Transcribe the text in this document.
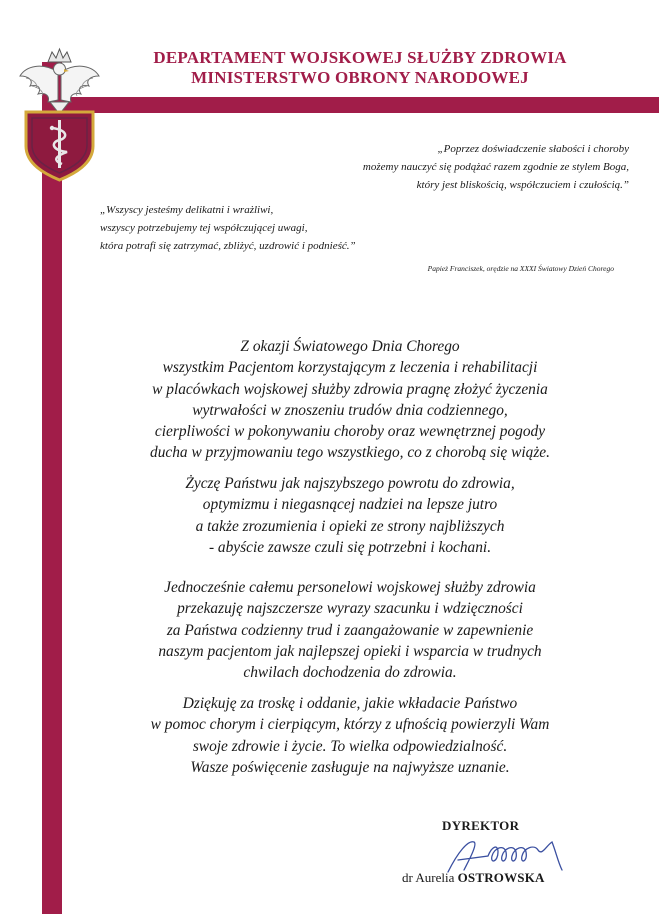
DEPARTAMENT WOJSKOWEJ SŁUŻBY ZDROWIA
MINISTERSTWO OBRONY NARODOWEJ
„Poprzez doświadczenie słabości i choroby
możemy nauczyć się podążać razem zgodnie ze stylem Boga,
który jest bliskością, współczuciem i czułością.”
„Wszyscy jesteśmy delikatni i wrażliwi,
wszyscy potrzebujemy tej współczującej uwagi,
która potrafi się zatrzymać, zbliżyć, uzdrowić i podnieść.”
Papież Franciszek, orędzie na XXXI Światowy Dzień Chorego
Z okazji Światowego Dnia Chorego
wszystkim Pacjentom korzystającym z leczenia i rehabilitacji
w placówkach wojskowej służby zdrowia pragnę złożyć życzenia
wytrwałości w znoszeniu trudów dnia codziennego,
cierpliwości w pokonywaniu choroby oraz wewnętrznej pogody
ducha w przyjmowaniu tego wszystkiego, co z chorobą się wiąże.
Życzę Państwu jak najszybszego powrotu do zdrowia,
optymizmu i niegasnącej nadziei na lepsze jutro
a także zrozumienia i opieki ze strony najbliższych
- abyście zawsze czuli się potrzebni i kochani.
Jednocześnie całemu personelowi wojskowej służby zdrowia
przekazuję najszczersze wyrazy szacunku i wdzięczności
za Państwa codzienny trud i zaangażowanie w zapewnienie
naszym pacjentom jak najlepszej opieki i wsparcia w trudnych
chwilach dochodzenia do zdrowia.
Dziękuję za troskę i oddanie, jakie wkładacie Państwo
w pomoc chorym i cierpiącym, którzy z ufnością powierzyli Wam
swoje zdrowie i życie. To wielka odpowiedzialność.
Wasze poświęcenie zasługuje na najwyższe uznanie.
DYREKTOR
dr Aurelia OSTROWSKA
